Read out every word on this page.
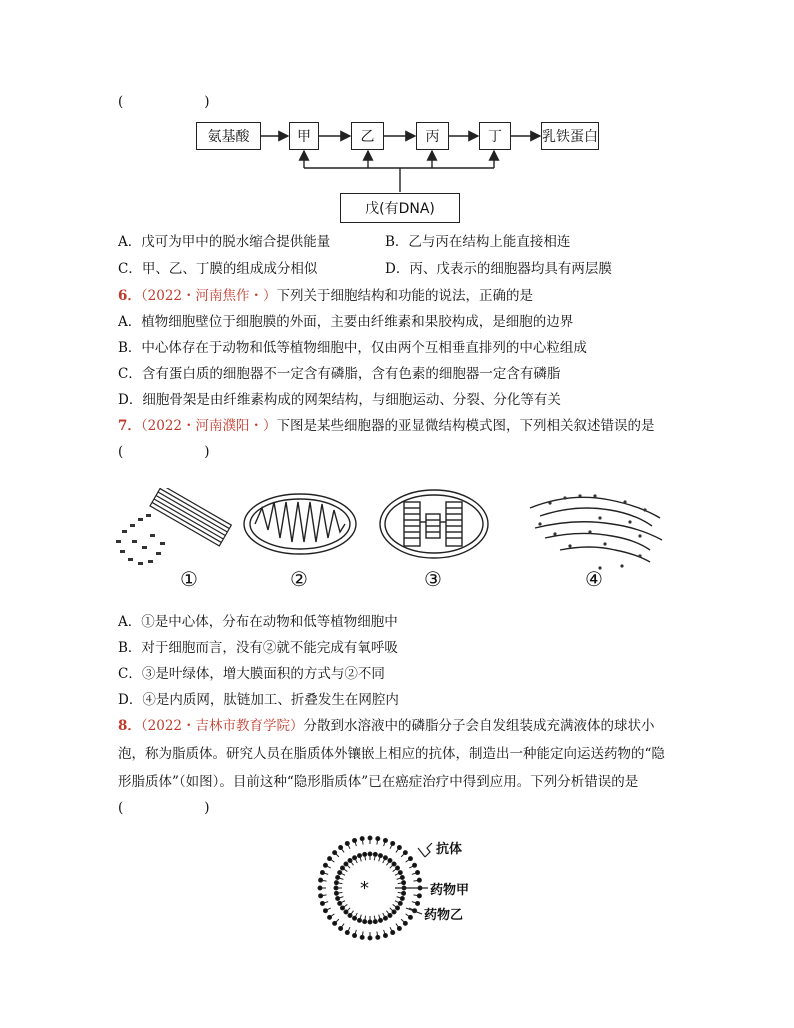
(　　　　　　)
氨基酸	甲	乙	丙	丁	乳铁蛋白
戊(有DNA)
A．戊可为甲中的脱水缩合提供能量	B．乙与丙在结构上能直接相连
C．甲、乙、丁膜的组成成分相似	D．丙、戊表示的细胞器均具有两层膜
6．（2022・河南焦作・）下列关于细胞结构和功能的说法，正确的是
A．植物细胞壁位于细胞膜的外面，主要由纤维素和果胶构成，是细胞的边界
B．中心体存在于动物和低等植物细胞中，仅由两个互相垂直排列的中心粒组成
C．含有蛋白质的细胞器不一定含有磷脂，含有色素的细胞器一定含有磷脂
D．细胞骨架是由纤维素构成的网架结构，与细胞运动、分裂、分化等有关
7．（2022・河南濮阳・）下图是某些细胞器的亚显微结构模式图，下列相关叙述错误的是
(　　　　　　)
①	②	③	④
A．①是中心体，分布在动物和低等植物细胞中
B．对于细胞而言，没有②就不能完成有氧呼吸
C．③是叶绿体，增大膜面积的方式与②不同
D．④是内质网，肽链加工、折叠发生在网腔内
8．（2022・吉林市教育学院）分散到水溶液中的磷脂分子会自发组装成充满液体的球状小
泡，称为脂质体。研究人员在脂质体外镶嵌上相应的抗体，制造出一种能定向运送药物的“隐
形脂质体”（如图）。目前这种“隐形脂质体”已在癌症治疗中得到应用。下列分析错误的是
(　　　　　　)
*
抗体
药物甲
药物乙
